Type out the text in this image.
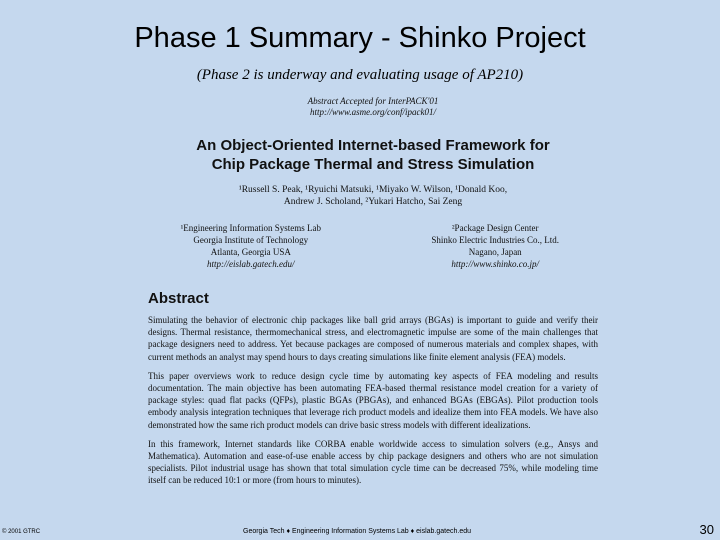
Phase 1 Summary - Shinko Project
(Phase 2 is underway and evaluating usage of AP210)
Abstract Accepted for InterPACK'01
http://www.asme.org/conf/ipack01/
An Object-Oriented Internet-based Framework for
Chip Package Thermal and Stress Simulation
¹Russell S. Peak, ¹Ryuichi Matsuki, ¹Miyako W. Wilson, ¹Donald Koo,
Andrew J. Scholand, ²Yukari Hatcho, Sai Zeng
¹Engineering Information Systems Lab
Georgia Institute of Technology
Atlanta, Georgia USA
http://eislab.gatech.edu/
²Package Design Center
Shinko Electric Industries Co., Ltd.
Nagano, Japan
http://www.shinko.co.jp/
Abstract

Simulating the behavior of electronic chip packages like ball grid arrays (BGAs) is important to guide and verify their designs. Thermal resistance, thermomechanical stress, and electromagnetic impulse are some of the main challenges that package designers need to address. Yet because packages are composed of numerous materials and complex shapes, with current methods an analyst may spend hours to days creating simulations like finite element analysis (FEA) models.

This paper overviews work to reduce design cycle time by automating key aspects of FEA modeling and results documentation. The main objective has been automating FEA-based thermal resistance model creation for a variety of package styles: quad flat packs (QFPs), plastic BGAs (PBGAs), and enhanced BGAs (EBGAs). Pilot production tools embody analysis integration techniques that leverage rich product models and idealize them into FEA models. We have also demonstrated how the same rich product models can drive basic stress models with different idealizations.

In this framework, Internet standards like CORBA enable worldwide access to simulation solvers (e.g., Ansys and Mathematica). Automation and ease-of-use enable access by chip package designers and others who are not simulation specialists. Pilot industrial usage has shown that total simulation cycle time can be decreased 75%, while modeling time itself can be reduced 10:1 or more (from hours to minutes).

© 2001 GTRC	Georgia Tech ♦ Engineering Information Systems Lab ♦ eislab.gatech.edu	30
